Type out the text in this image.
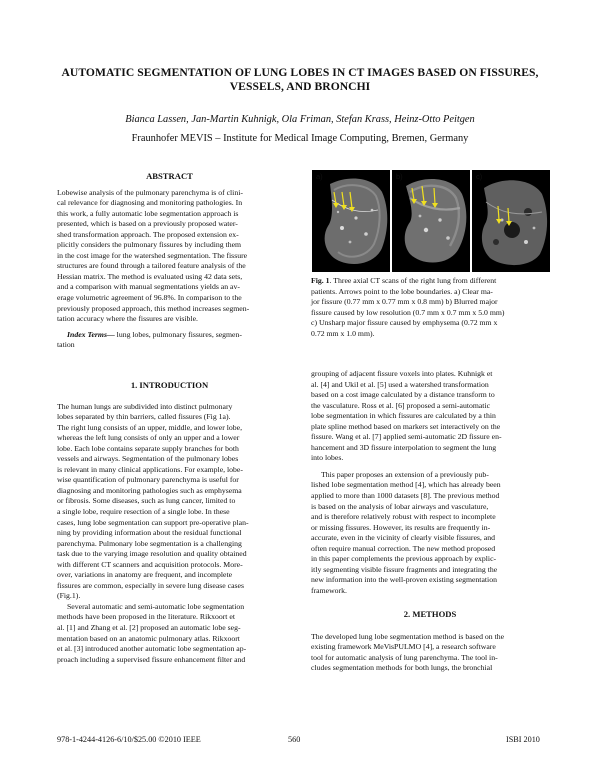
AUTOMATIC SEGMENTATION OF LUNG LOBES IN CT IMAGES BASED ON FISSURES,
VESSELS, AND BRONCHI
Bianca Lassen, Jan-Martin Kuhnigk, Ola Friman, Stefan Krass, Heinz-Otto Peitgen
Fraunhofer MEVIS – Institute for Medical Image Computing, Bremen, Germany
ABSTRACT
Lobewise analysis of the pulmonary parenchyma is of clini-
cal relevance for diagnosing and monitoring pathologies. In
this work, a fully automatic lobe segmentation approach is
presented, which is based on a previously proposed water-
shed transformation approach. The proposed extension ex-
plicitly considers the pulmonary fissures by including them
in the cost image for the watershed segmentation. The fissure
structures are found through a tailored feature analysis of the
Hessian matrix. The method is evaluated using 42 data sets,
and a comparison with manual segmentations yields an av-
erage volumetric agreement of 96.8%. In comparison to the
previously proposed approach, this method increases segmen-
tation accuracy where the fissures are visible.
Index Terms— lung lobes, pulmonary fissures, segmen-
tation
1. INTRODUCTION
The human lungs are subdivided into distinct pulmonary
lobes separated by thin barriers, called fissures (Fig 1a).
The right lung consists of an upper, middle, and lower lobe,
whereas the left lung consists of only an upper and a lower
lobe. Each lobe contains separate supply branches for both
vessels and airways. Segmentation of the pulmonary lobes
is relevant in many clinical applications. For example, lobe-
wise quantification of pulmonary parenchyma is useful for
diagnosing and monitoring pathologies such as emphysema
or fibrosis. Some diseases, such as lung cancer, limited to
a single lobe, require resection of a single lobe. In these
cases, lung lobe segmentation can support pre-operative plan-
ning by providing information about the residual functional
parenchyma. Pulmonary lobe segmentation is a challenging
task due to the varying image resolution and quality obtained
with different CT scanners and acquisition protocols. More-
over, variations in anatomy are frequent, and incomplete
fissures are common, especially in severe lung disease cases
(Fig.1).
Several automatic and semi-automatic lobe segmentation
methods have been proposed in the literature. Rikxoort et
al. [1] and Zhang et al. [2] proposed an automatic lobe seg-
mentation based on an anatomic pulmonary atlas. Rikxoort
et al. [3] introduced another automatic lobe segmentation ap-
proach including a supervised fissure enhancement filter and
a)	b)	c)
Fig. 1. Three axial CT scans of the right lung from different
patients. Arrows point to the lobe boundaries. a) Clear ma-
jor fissure (0.77 mm x 0.77 mm x 0.8 mm) b) Blurred major
fissure caused by low resolution (0.7 mm x 0.7 mm x 5.0 mm)
c) Unsharp major fissure caused by emphysema (0.72 mm x
0.72 mm x 1.0 mm).
grouping of adjacent fissure voxels into plates. Kuhnigk et
al. [4] and Ukil et al. [5] used a watershed transformation
based on a cost image calculated by a distance transform to
the vasculature. Ross et al. [6] proposed a semi-automatic
lobe segmentation in which fissures are calculated by a thin
plate spline method based on markers set interactively on the
fissure. Wang et al. [7] applied semi-automatic 2D fissure en-
hancement and 3D fissure interpolation to segment the lung
into lobes.
This paper proposes an extension of a previously pub-
lished lobe segmentation method [4], which has already been
applied to more than 1000 datasets [8]. The previous method
is based on the analysis of lobar airways and vasculature,
and is therefore relatively robust with respect to incomplete
or missing fissures. However, its results are frequently in-
accurate, even in the vicinity of clearly visible fissures, and
often require manual correction. The new method proposed
in this paper complements the previous approach by explic-
itly segmenting visible fissure fragments and integrating the
new information into the well-proven existing segmentation
framework.
2. METHODS
The developed lung lobe segmentation method is based on the
existing framework MeVisPULMO [4], a research software
tool for automatic analysis of lung parenchyma. The tool in-
cludes segmentation methods for both lungs, the bronchial
978-1-4244-4126-6/10/$25.00 ©2010 IEEE	560	ISBI 2010
